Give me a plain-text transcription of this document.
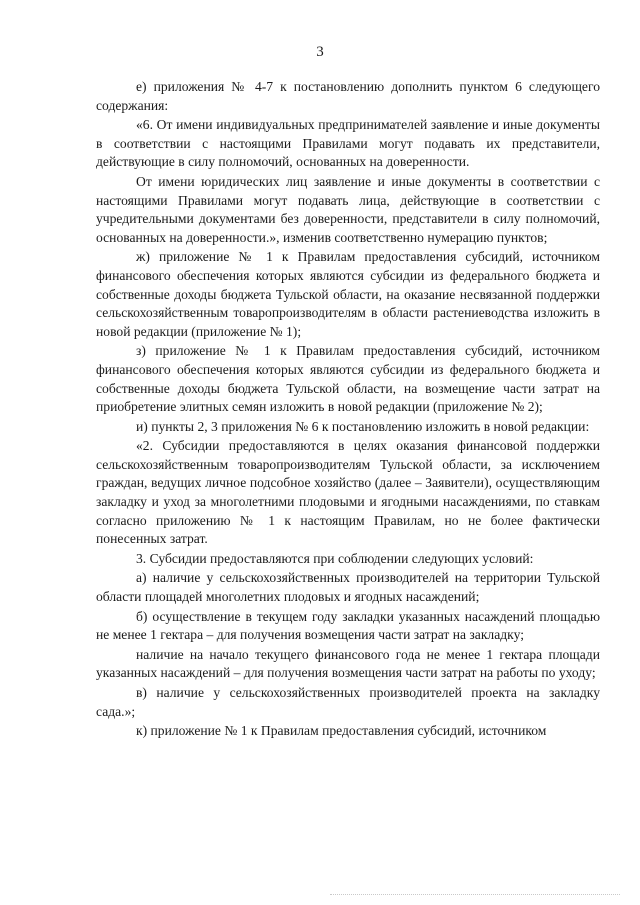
3

е) приложения № 4-7 к постановлению дополнить пунктом 6 следующего содержания:

«6. От имени индивидуальных предпринимателей заявление и иные документы в соответствии с настоящими Правилами могут подавать их представители, действующие в силу полномочий, основанных на доверенности.

От имени юридических лиц заявление и иные документы в соответствии с настоящими Правилами могут подавать лица, действующие в соответствии с учредительными документами без доверенности, представители в силу полномочий, основанных на доверенности.», изменив соответственно нумерацию пунктов;

ж) приложение № 1 к Правилам предоставления субсидий, источником финансового обеспечения которых являются субсидии из федерального бюджета и собственные доходы бюджета Тульской области, на оказание несвязанной поддержки сельскохозяйственным товаропроизводителям в области растениеводства изложить в новой редакции (приложение № 1);

з) приложение № 1 к Правилам предоставления субсидий, источником финансового обеспечения которых являются субсидии из федерального бюджета и собственные доходы бюджета Тульской области, на возмещение части затрат на приобретение элитных семян изложить в новой редакции (приложение № 2);

и) пункты 2, 3 приложения № 6 к постановлению изложить в новой редакции:

«2. Субсидии предоставляются в целях оказания финансовой поддержки сельскохозяйственным товаропроизводителям Тульской области, за исключением граждан, ведущих личное подсобное хозяйство (далее – Заявители), осуществляющим закладку и уход за многолетними плодовыми и ягодными насаждениями, по ставкам согласно приложению № 1 к настоящим Правилам, но не более фактически понесенных затрат.

3. Субсидии предоставляются при соблюдении следующих условий:

а) наличие у сельскохозяйственных производителей на территории Тульской области площадей многолетних плодовых и ягодных насаждений;

б) осуществление в текущем году закладки указанных насаждений площадью не менее 1 гектара – для получения возмещения части затрат на закладку;

наличие на начало текущего финансового года не менее 1 гектара площади указанных насаждений – для получения возмещения части затрат на работы по уходу;

в) наличие у сельскохозяйственных производителей проекта на закладку сада.»;

к) приложение № 1 к Правилам предоставления субсидий, источником
